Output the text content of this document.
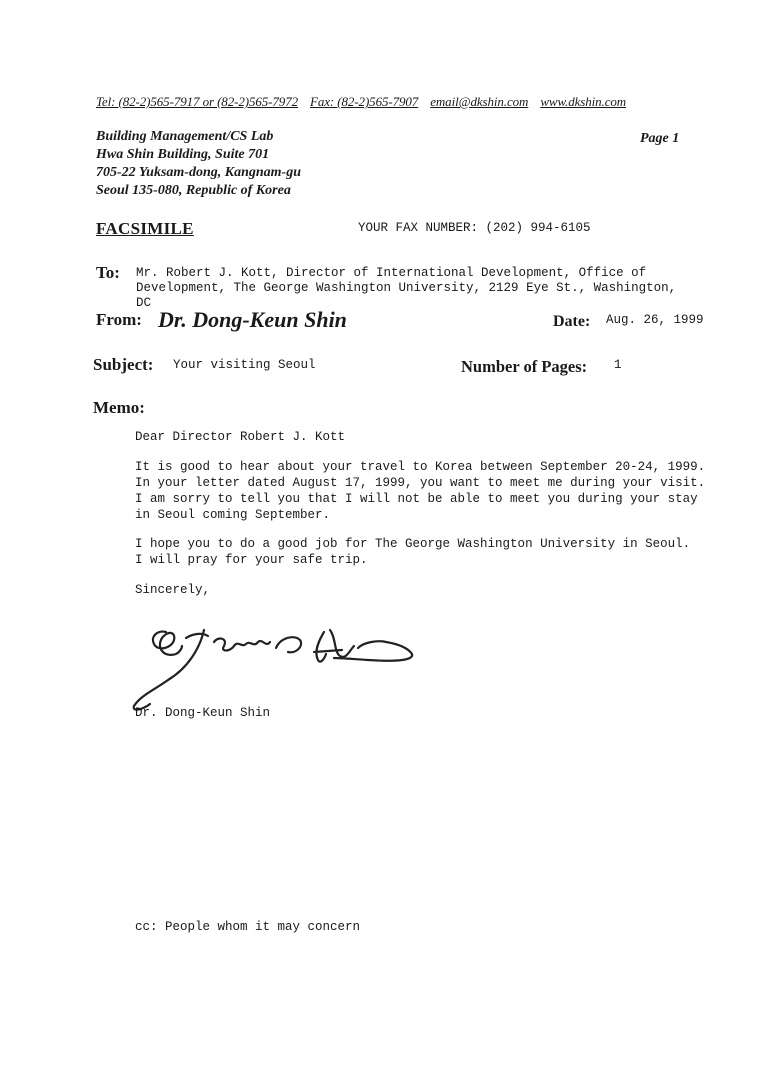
Tel: (82-2)565-7917 or (82-2)565-7972 Fax: (82-2)565-7907 email@dkshin.com www.dkshin.com
Building Management/CS Lab
Hwa Shin Building, Suite 701
705-22 Yuksam-dong, Kangnam-gu
Seoul 135-080, Republic of Korea
Page 1
FACSIMILE	YOUR FAX NUMBER: (202) 994-6105
To: Mr. Robert J. Kott, Director of International Development, Office of Development, The George Washington University, 2129 Eye St., Washington, DC
From: Dr. Dong-Keun Shin	Date: Aug. 26, 1999
Subject: Your visiting Seoul	Number of Pages: 1
Memo:
Dear Director Robert J. Kott
It is good to hear about your travel to Korea between September 20-24, 1999.
In your letter dated August 17, 1999, you want to meet me during your visit.
I am sorry to tell you that I will not be able to meet you during your stay
in Seoul coming September.
I hope you to do a good job for The George Washington University in Seoul.
I will pray for your safe trip.
Sincerely,
Dr. Dong-Keun Shin
cc: People whom it may concern
